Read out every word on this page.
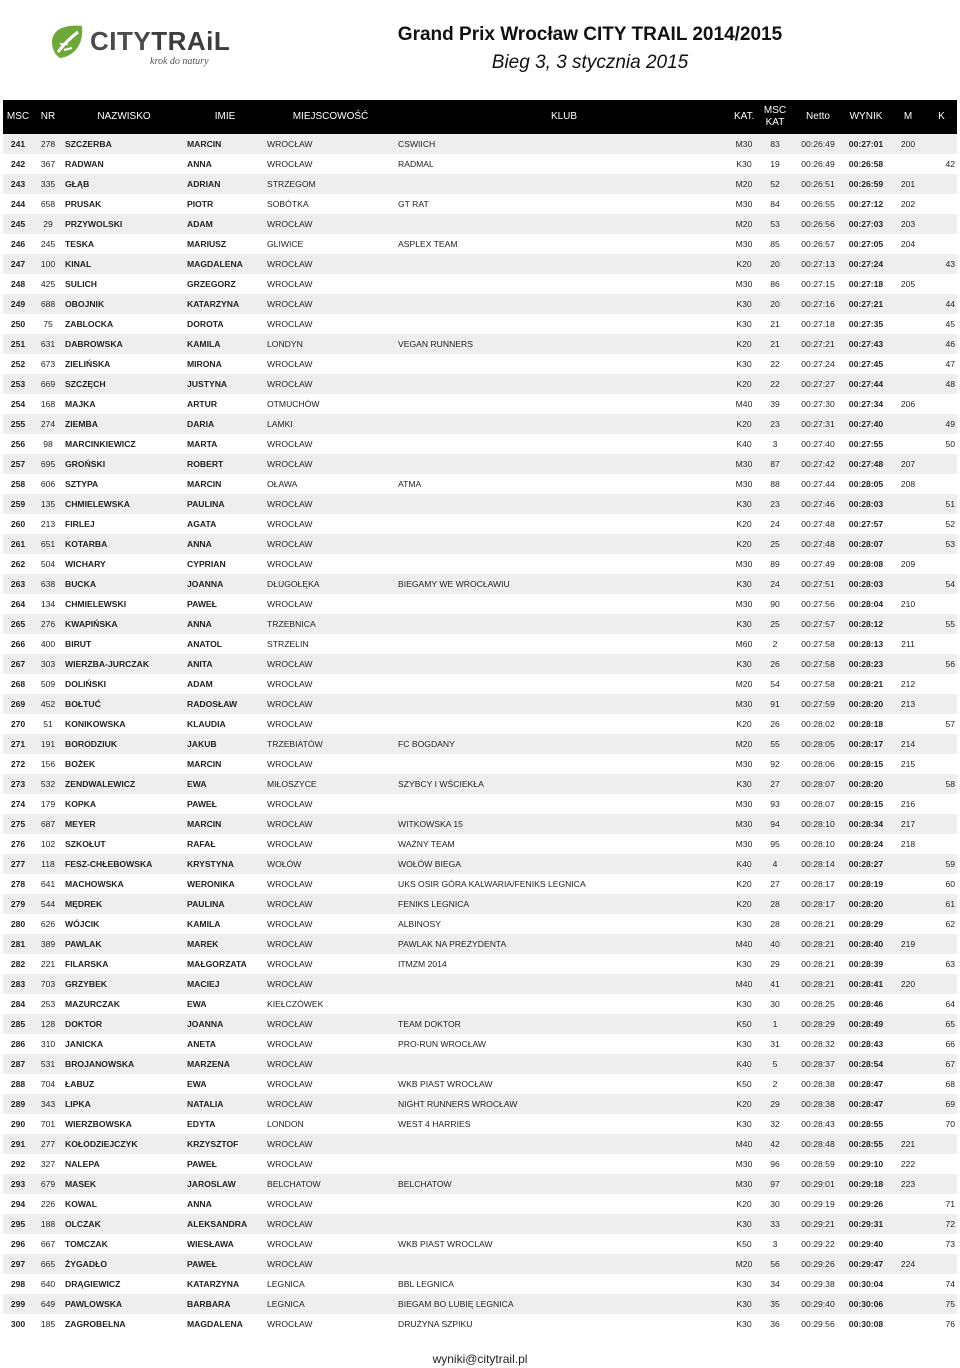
CITYTRAiL
krok do natury
Grand Prix Wrocław CITY TRAIL 2014/2015
Bieg 3, 3 stycznia 2015
MSC	NR	NAZWISKO	IMIE	MIEJSCOWOŚĆ	KLUB	KAT.	MSC KAT	Netto	WYNIK	M	K
241	278	SZCZERBA	MARCIN	WROCŁAW	CSWIICH	M30	83	00:26:49	00:27:01	200	
242	367	RADWAN	ANNA	WROCŁAW	RADMAL	K30	19	00:26:49	00:26:58		42
243	335	GŁĄB	ADRIAN	STRZEGOM		M20	52	00:26:51	00:26:59	201	
244	658	PRUSAK	PIOTR	SOBÓTKA	GT RAT	M30	84	00:26:55	00:27:12	202	
245	29	PRZYWOLSKI	ADAM	WROCŁAW		M20	53	00:26:56	00:27:03	203	
246	245	TESKA	MARIUSZ	GLIWICE	ASPLEX TEAM	M30	85	00:26:57	00:27:05	204	
247	100	KINAL	MAGDALENA	WROCŁAW		K20	20	00:27:13	00:27:24		43
248	425	SULICH	GRZEGORZ	WROCŁAW		M30	86	00:27:15	00:27:18	205	
249	688	OBOJNIK	KATARZYNA	WROCŁAW		K30	20	00:27:16	00:27:21		44
250	75	ZABLOCKA	DOROTA	WROCLAW		K30	21	00:27:18	00:27:35		45
251	631	DABROWSKA	KAMILA	LONDYN	VEGAN RUNNERS	K20	21	00:27:21	00:27:43		46
252	673	ZIELIŃSKA	MIRONA	WROCŁAW		K30	22	00:27:24	00:27:45		47
253	669	SZCZĘCH	JUSTYNA	WROCŁAW		K20	22	00:27:27	00:27:44		48
254	168	MAJKA	ARTUR	OTMUCHÓW		M40	39	00:27:30	00:27:34	206	
255	274	ZIEMBA	DARIA	LAMKI		K20	23	00:27:31	00:27:40		49
256	98	MARCINKIEWICZ	MARTA	WROCŁAW		K40	3	00:27:40	00:27:55		50
257	695	GROŃSKI	ROBERT	WROCŁAW		M30	87	00:27:42	00:27:48	207	
258	606	SZTYPA	MARCIN	OŁAWA	ATMA	M30	88	00:27:44	00:28:05	208	
259	135	CHMIELEWSKA	PAULINA	WROCŁAW		K30	23	00:27:46	00:28:03		51
260	213	FIRLEJ	AGATA	WROCŁAW		K20	24	00:27:48	00:27:57		52
261	651	KOTARBA	ANNA	WROCŁAW		K20	25	00:27:48	00:28:07		53
262	504	WICHARY	CYPRIAN	WROCŁAW		M30	89	00:27:49	00:28:08	209	
263	638	BUCKA	JOANNA	DŁUGOŁĘKA	BIEGAMY WE WROCŁAWIU	K30	24	00:27:51	00:28:03		54
264	134	CHMIELEWSKI	PAWEŁ	WROCŁAW		M30	90	00:27:56	00:28:04	210	
265	276	KWAPIŃSKA	ANNA	TRZEBNICA		K30	25	00:27:57	00:28:12		55
266	400	BIRUT	ANATOL	STRZELIN		M60	2	00:27:58	00:28:13	211	
267	303	WIERZBA-JURCZAK	ANITA	WROCŁAW		K30	26	00:27:58	00:28:23		56
268	509	DOLIŃSKI	ADAM	WROCŁAW		M20	54	00:27:58	00:28:21	212	
269	452	BOŁTUĆ	RADOSŁAW	WROCŁAW		M30	91	00:27:59	00:28:20	213	
270	51	KONIKOWSKA	KLAUDIA	WROCŁAW		K20	26	00:28:02	00:28:18		57
271	191	BORODZIUK	JAKUB	TRZEBIATÓW	FC BOGDANY	M20	55	00:28:05	00:28:17	214	
272	156	BOŻEK	MARCIN	WROCŁAW		M30	92	00:28:06	00:28:15	215	
273	532	ZENDWALEWICZ	EWA	MIŁOSZYCE	SZYBCY I WŚCIEKŁA	K30	27	00:28:07	00:28:20		58
274	179	KOPKA	PAWEŁ	WROCŁAW		M30	93	00:28:07	00:28:15	216	
275	687	MEYER	MARCIN	WROCŁAW	WITKOWSKA 15	M30	94	00:28:10	00:28:34	217	
276	102	SZKOŁUT	RAFAŁ	WROCŁAW	WAŻNY TEAM	M30	95	00:28:10	00:28:24	218	
277	118	FESZ-CHŁEBOWSKA	KRYSTYNA	WOŁÓW	WOŁÓW BIEGA	K40	4	00:28:14	00:28:27		59
278	641	MACHOWSKA	WERONIKA	WROCŁAW	UKS OSIR GÓRA KALWARIA/FENIKS LEGNICA	K20	27	00:28:17	00:28:19		60
279	544	MĘDREK	PAULINA	WROCŁAW	FENIKS LEGNICA	K20	28	00:28:17	00:28:20		61
280	626	WÓJCIK	KAMILA	WROCŁAW	ALBINOSY	K30	28	00:28:21	00:28:29		62
281	389	PAWLAK	MAREK	WROCŁAW	PAWLAK NA PREZYDENTA	M40	40	00:28:21	00:28:40	219	
282	221	FILARSKA	MAŁGORZATA	WROCŁAW	ITMZM 2014	K30	29	00:28:21	00:28:39		63
283	703	GRZYBEK	MACIEJ	WROCŁAW		M40	41	00:28:21	00:28:41	220	
284	253	MAZURCZAK	EWA	KIEŁCZÓWEK		K30	30	00:28:25	00:28:46		64
285	128	DOKTOR	JOANNA	WROCŁAW	TEAM DOKTOR	K50	1	00:28:29	00:28:49		65
286	310	JANICKA	ANETA	WROCŁAW	PRO-RUN WROCŁAW	K30	31	00:28:32	00:28:43		66
287	531	BROJANOWSKA	MARZENA	WROCŁAW		K40	5	00:28:37	00:28:54		67
288	704	ŁABUZ	EWA	WROCŁAW	WKB PIAST WROCŁAW	K50	2	00:28:38	00:28:47		68
289	343	LIPKA	NATALIA	WROCŁAW	NIGHT RUNNERS WROCŁAW	K20	29	00:28:38	00:28:47		69
290	701	WIERZBOWSKA	EDYTA	LONDON	WEST 4 HARRIES	K30	32	00:28:43	00:28:55		70
291	277	KOŁODZIEJCZYK	KRZYSZTOF	WROCŁAW		M40	42	00:28:48	00:28:55	221	
292	327	NALEPA	PAWEŁ	WROCŁAW		M30	96	00:28:59	00:29:10	222	
293	679	MASEK	JAROSLAW	BELCHATOW	BELCHATOW	M30	97	00:29:01	00:29:18	223	
294	226	KOWAL	ANNA	WROCŁAW		K20	30	00:29:19	00:29:26		71
295	188	OLCZAK	ALEKSANDRA	WROCŁAW		K30	33	00:29:21	00:29:31		72
296	667	TOMCZAK	WIESŁAWA	WROCŁAW	WKB PIAST WROCLAW	K50	3	00:29:22	00:29:40		73
297	665	ŻYGADŁO	PAWEŁ	WROCŁAW		M20	56	00:29:26	00:29:47	224	
298	640	DRĄGIEWICZ	KATARZYNA	LEGNICA	BBL LEGNICA	K30	34	00:29:38	00:30:04		74
299	649	PAWLOWSKA	BARBARA	LEGNICA	BIEGAM BO LUBIĘ LEGNICA	K30	35	00:29:40	00:30:06		75
300	185	ZAGROBELNA	MAGDALENA	WROCŁAW	DRUŻYNA SZPIKU	K30	36	00:29:56	00:30:08		76
wyniki@citytrail.pl
